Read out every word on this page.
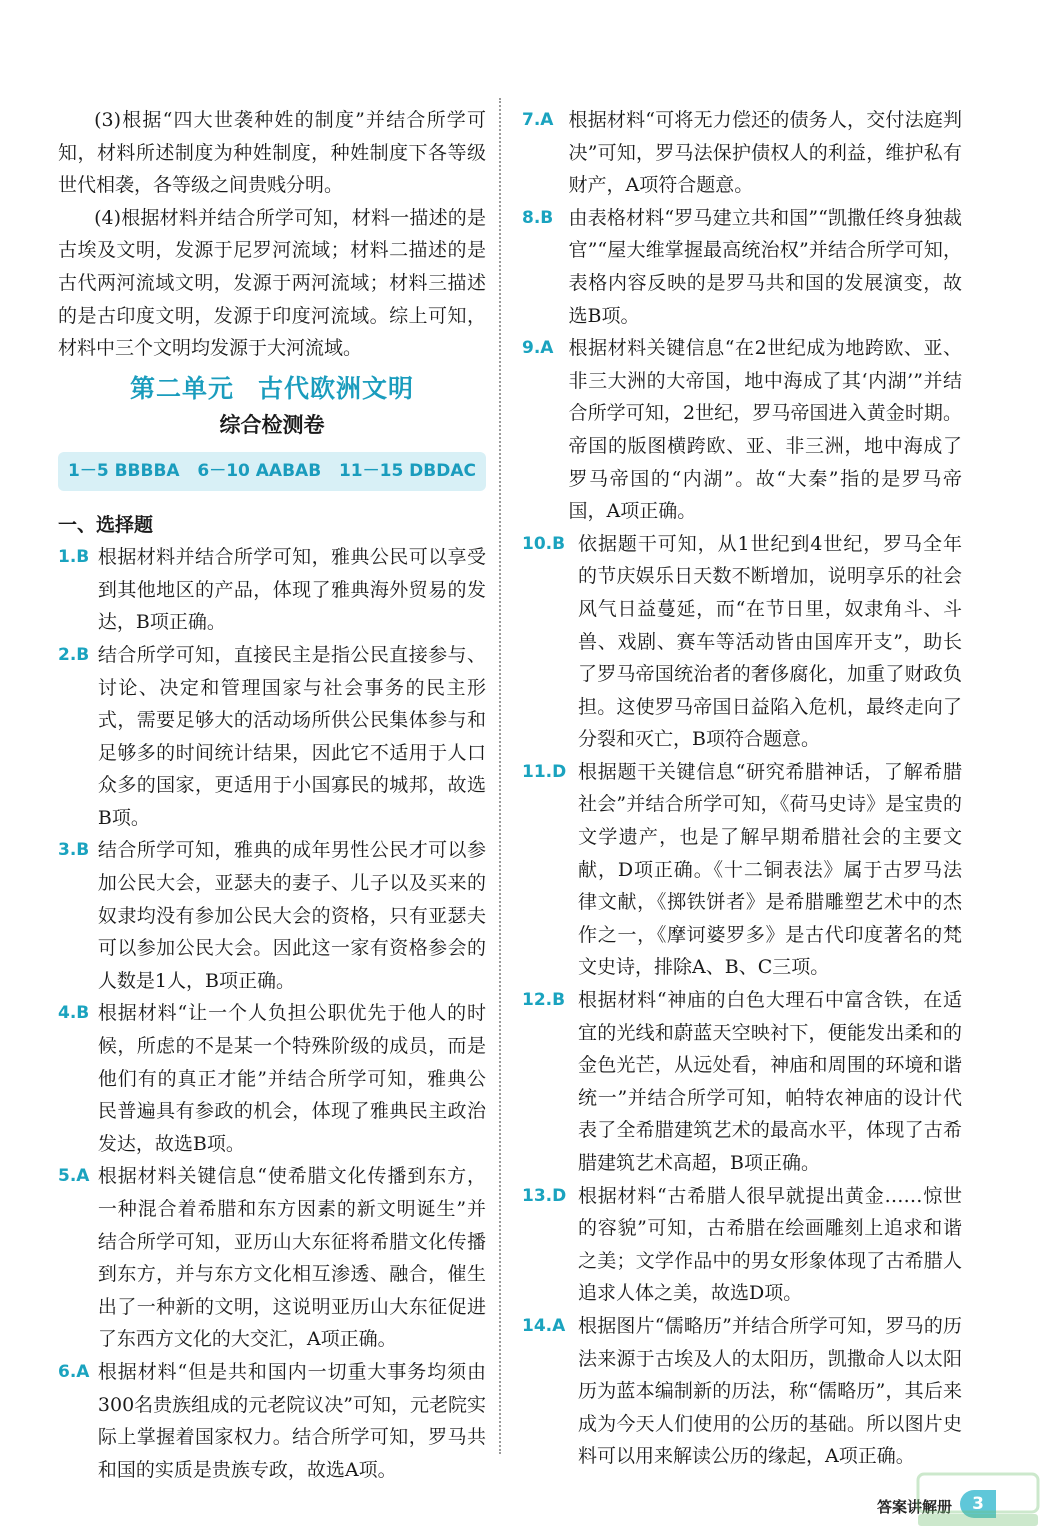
(3)根据“四大世袭种姓的制度”并结合所学可知，材料所述制度为种姓制度，种姓制度下各等级世代相袭，各等级之间贵贱分明。

(4)根据材料并结合所学可知，材料一描述的是古埃及文明，发源于尼罗河流域；材料二描述的是古代两河流域文明，发源于两河流域；材料三描述的是古印度文明，发源于印度河流域。综上可知，材料中三个文明均发源于大河流域。

第二单元 古代欧洲文明
综合检测卷
1－5 BBBBA 6－10 AABAB 11－15 DBDAC
一、选择题

1.B 根据材料并结合所学可知，雅典公民可以享受到其他地区的产品，体现了雅典海外贸易的发达，B项正确。

2.B 结合所学可知，直接民主是指公民直接参与、讨论、决定和管理国家与社会事务的民主形式，需要足够大的活动场所供公民集体参与和足够多的时间统计结果，因此它不适用于人口众多的国家，更适用于小国寡民的城邦，故选B项。

3.B 结合所学可知，雅典的成年男性公民才可以参加公民大会，亚瑟夫的妻子、儿子以及买来的奴隶均没有参加公民大会的资格，只有亚瑟夫可以参加公民大会。因此这一家有资格参会的人数是1人，B项正确。

4.B 根据材料“让一个人负担公职优先于他人的时候，所虑的不是某一个特殊阶级的成员，而是他们有的真正才能”并结合所学可知，雅典公民普遍具有参政的机会，体现了雅典民主政治发达，故选B项。

5.A 根据材料关键信息“使希腊文化传播到东方，一种混合着希腊和东方因素的新文明诞生”并结合所学可知，亚历山大东征将希腊文化传播到东方，并与东方文化相互渗透、融合，催生出了一种新的文明，这说明亚历山大东征促进了东西方文化的大交汇，A项正确。

6.A 根据材料“但是共和国内一切重大事务均须由300名贵族组成的元老院议决”可知，元老院实际上掌握着国家权力。结合所学可知，罗马共和国的实质是贵族专政，故选A项。

7.A 根据材料“可将无力偿还的债务人，交付法庭判决”可知，罗马法保护债权人的利益，维护私有财产，A项符合题意。

8.B 由表格材料“罗马建立共和国”“凯撒任终身独裁官”“屋大维掌握最高统治权”并结合所学可知，表格内容反映的是罗马共和国的发展演变，故选B项。

9.A 根据材料关键信息“在2世纪成为地跨欧、亚、非三大洲的大帝国，地中海成了其‘内湖’”并结合所学可知，2世纪，罗马帝国进入黄金时期。帝国的版图横跨欧、亚、非三洲，地中海成了罗马帝国的“内湖”。故“大秦”指的是罗马帝国，A项正确。

10.B 依据题干可知，从1世纪到4世纪，罗马全年的节庆娱乐日天数不断增加，说明享乐的社会风气日益蔓延，而“在节日里，奴隶角斗、斗兽、戏剧、赛车等活动皆由国库开支”，助长了罗马帝国统治者的奢侈腐化，加重了财政负担。这使罗马帝国日益陷入危机，最终走向了分裂和灭亡，B项符合题意。

11.D 根据题干关键信息“研究希腊神话，了解希腊社会”并结合所学可知，《荷马史诗》是宝贵的文学遗产，也是了解早期希腊社会的主要文献，D项正确。《十二铜表法》属于古罗马法律文献，《掷铁饼者》是希腊雕塑艺术中的杰作之一，《摩诃婆罗多》是古代印度著名的梵文史诗，排除A、B、C三项。

12.B 根据材料“神庙的白色大理石中富含铁，在适宜的光线和蔚蓝天空映衬下，便能发出柔和的金色光芒，从远处看，神庙和周围的环境和谐统一”并结合所学可知，帕特农神庙的设计代表了全希腊建筑艺术的最高水平，体现了古希腊建筑艺术高超，B项正确。

13.D 根据材料“古希腊人很早就提出黄金……惊世的容貌”可知，古希腊在绘画雕刻上追求和谐之美；文学作品中的男女形象体现了古希腊人追求人体之美，故选D项。

14.A 根据图片“儒略历”并结合所学可知，罗马的历法来源于古埃及人的太阳历，凯撒命人以太阳历为蓝本编制新的历法，称“儒略历”，其后来成为今天人们使用的公历的基础。所以图片史料可以用来解读公历的缘起，A项正确。

答案讲解册	3
